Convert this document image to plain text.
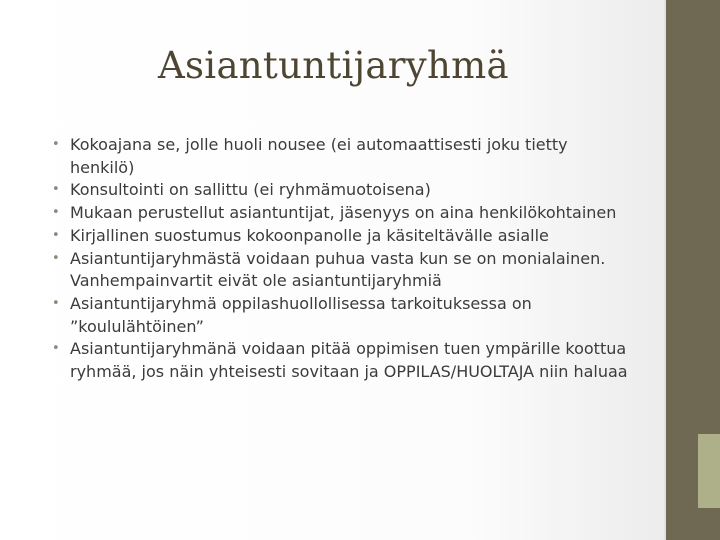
Asiantuntijaryhmä
• Kokoajana se, jolle huoli nousee (ei automaattisesti joku tietty henkilö)
• Konsultointi on sallittu (ei ryhmämuotoisena)
• Mukaan perustellut asiantuntijat, jäsenyys on aina henkilökohtainen
• Kirjallinen suostumus kokoonpanolle ja käsiteltävälle asialle
• Asiantuntijaryhmästä voidaan puhua vasta kun se on monialainen. Vanhempainvartit eivät ole asiantuntijaryhmiä
• Asiantuntijaryhmä oppilashuollollisessa tarkoituksessa on ”koululähtöinen”
• Asiantuntijaryhmänä voidaan pitää oppimisen tuen ympärille koottua ryhmää, jos näin yhteisesti sovitaan ja OPPILAS/HUOLTAJA niin haluaa
